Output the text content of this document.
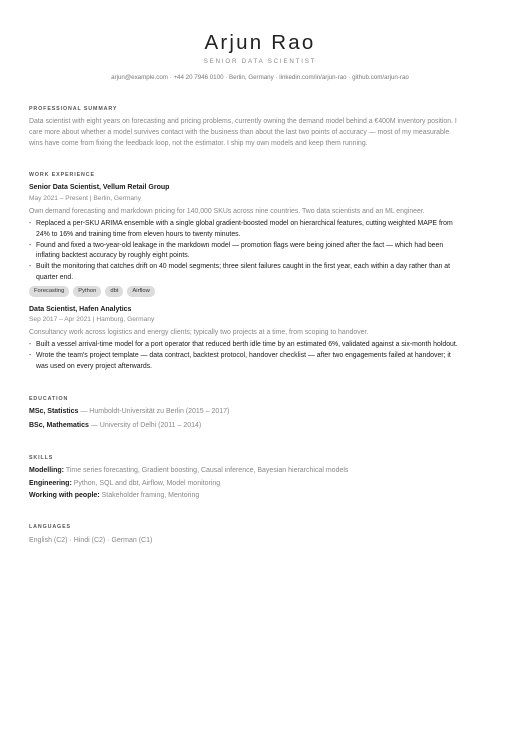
Arjun Rao
SENIOR DATA SCIENTIST
arjun@example.com · +44 20 7946 0100 · Berlin, Germany · linkedin.com/in/arjun-rao · github.com/arjun-rao
PROFESSIONAL SUMMARY
Data scientist with eight years on forecasting and pricing problems, currently owning the demand model behind a €400M inventory position. I
care more about whether a model survives contact with the business than about the last two points of accuracy — most of my measurable
wins have come from fixing the feedback loop, not the estimator. I ship my own models and keep them running.
WORK EXPERIENCE
Senior Data Scientist, Vellum Retail Group
May 2021 – Present | Berlin, Germany
Own demand forecasting and markdown pricing for 140,000 SKUs across nine countries. Two data scientists and an ML engineer.
- Replaced a per-SKU ARIMA ensemble with a single global gradient-boosted model on hierarchical features, cutting weighted MAPE from
24% to 16% and training time from eleven hours to twenty minutes.
- Found and fixed a two-year-old leakage in the markdown model — promotion flags were being joined after the fact — which had been
inflating backtest accuracy by roughly eight points.
- Built the monitoring that catches drift on 40 model segments; three silent failures caught in the first year, each within a day rather than at
quarter end.
Forecasting	Python	dbt	Airflow
Data Scientist, Hafen Analytics
Sep 2017 – Apr 2021 | Hamburg, Germany
Consultancy work across logistics and energy clients; typically two projects at a time, from scoping to handover.
- Built a vessel arrival-time model for a port operator that reduced berth idle time by an estimated 6%, validated against a six-month holdout.
- Wrote the team's project template — data contract, backtest protocol, handover checklist — after two engagements failed at handover; it
was used on every project afterwards.
EDUCATION
MSc, Statistics — Humboldt-Universität zu Berlin (2015 – 2017)
BSc, Mathematics — University of Delhi (2011 – 2014)
SKILLS
Modelling: Time series forecasting, Gradient boosting, Causal inference, Bayesian hierarchical models
Engineering: Python, SQL and dbt, Airflow, Model monitoring
Working with people: Stakeholder framing, Mentoring
LANGUAGES
English (C2) · Hindi (C2) · German (C1)
